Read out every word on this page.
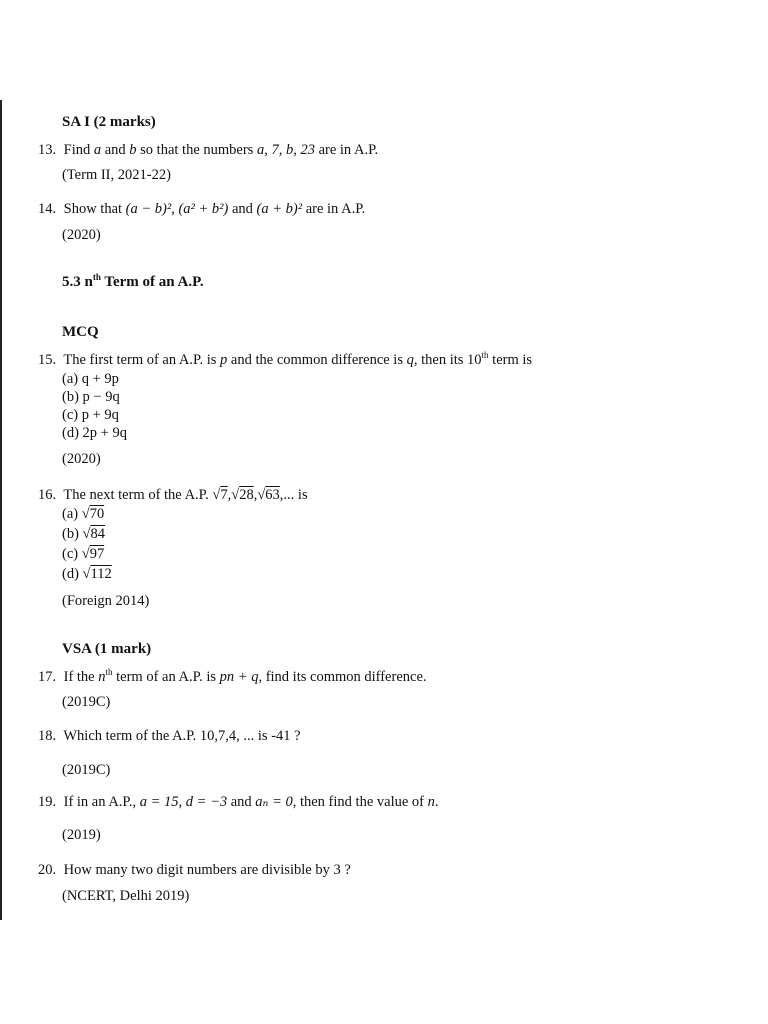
SA I (2 marks)
13. Find a and b so that the numbers a, 7, b, 23 are in A.P.
(Term II, 2021-22)
14. Show that (a − b)², (a² + b²) and (a + b)² are in A.P.
(2020)
5.3 $n^{th}$ Term of an A.P.
MCQ
15. The first term of an A.P. is p and the common difference is q, then its 10th term is
(a) q + 9p
(b) p − 9q
(c) p + 9q
(d) 2p + 9q
(2020)
16. The next term of the A.P. √7,√28,√63,... is
(a) √70
(b) √84
(c) √97
(d) √112
(Foreign 2014)
VSA (1 mark)
17. If the $n^{th}$ term of an A.P. is pn + q, find its common difference.
(2019C)
18. Which term of the A.P. 10,7,4, ... is -41 ?
(2019C)
19. If in an A.P., a = 15, d = −3 and aₙ = 0, then find the value of n.
(2019)
20. How many two digit numbers are divisible by 3 ?
(NCERT, Delhi 2019)
